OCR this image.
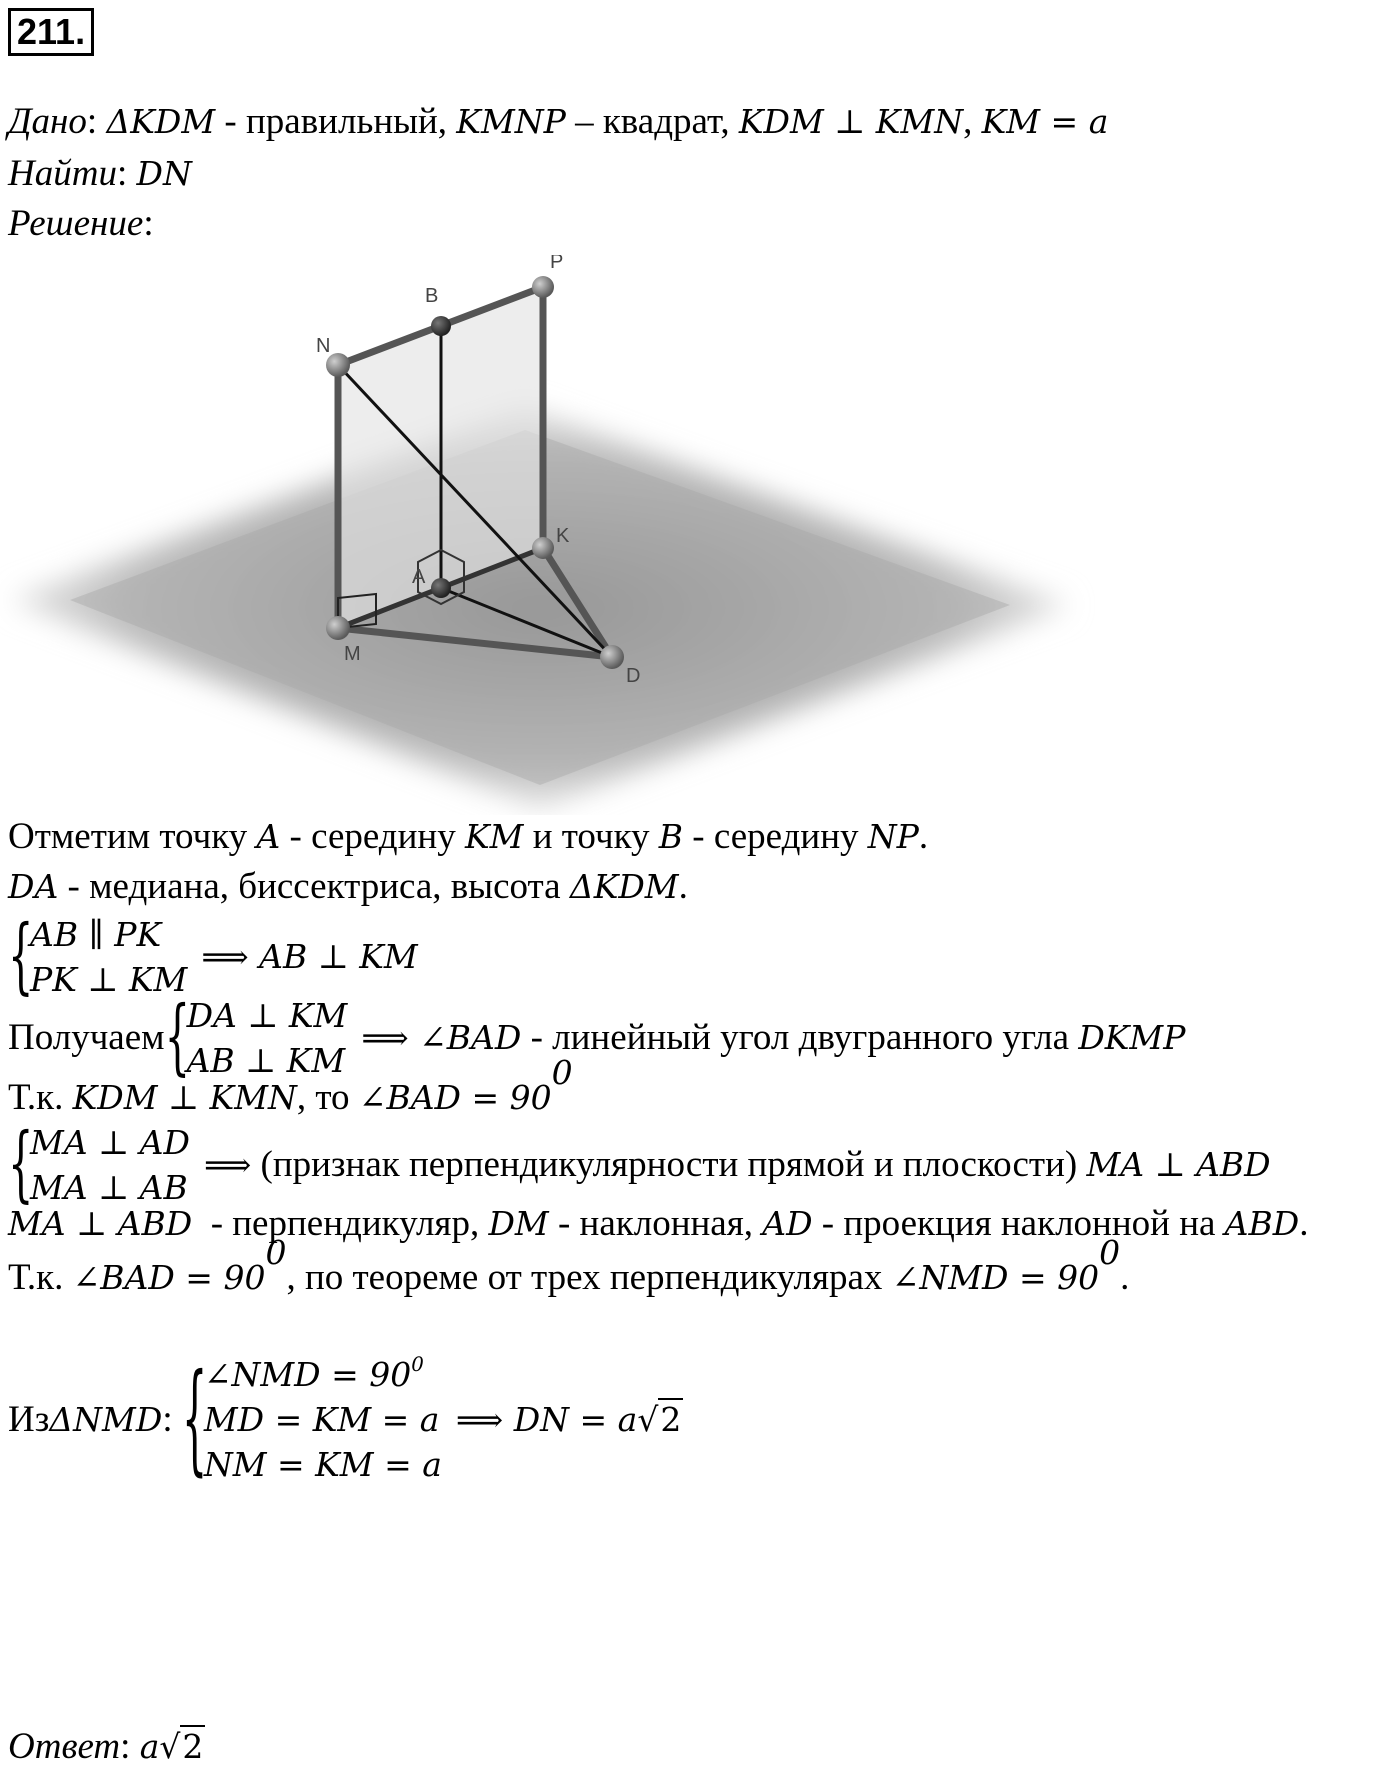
211.
Дано: ΔKDM - правильный, KMNP – квадрат, KDM ⊥ KMN, KM = a
Найти: DN
Решение:
P
B
N
K
A
M
D
Отметим точку A - середину KM и точку B - середину NP.
DA - медиана, биссектриса, высота ΔKDM.
{
AB ∥ PK
PK ⊥ KM
⟹ AB ⊥ KM
Получаем {
DA ⊥ KM
AB ⊥ KM
⟹ ∠BAD - линейный угол двугранного угла DKMP
Т.к. KDM ⊥ KMN, то ∠BAD = $90^0$
{
MA ⊥ AD
MA ⊥ AB
⟹ (признак перпендикулярности прямой и плоскости) MA ⊥ ABD
MA ⊥ ABD  - перпендикуляр, DM - наклонная, AD - проекция наклонной на ABD.
Т.к. ∠BAD = $90^0$, по теореме от трех перпендикулярах ∠NMD = $90^0$.
Из ΔNMD : {
∠NMD = $90^0$
MD = KM = a
NM = KM = a
⟹ DN = a√2
Ответ: a√2
